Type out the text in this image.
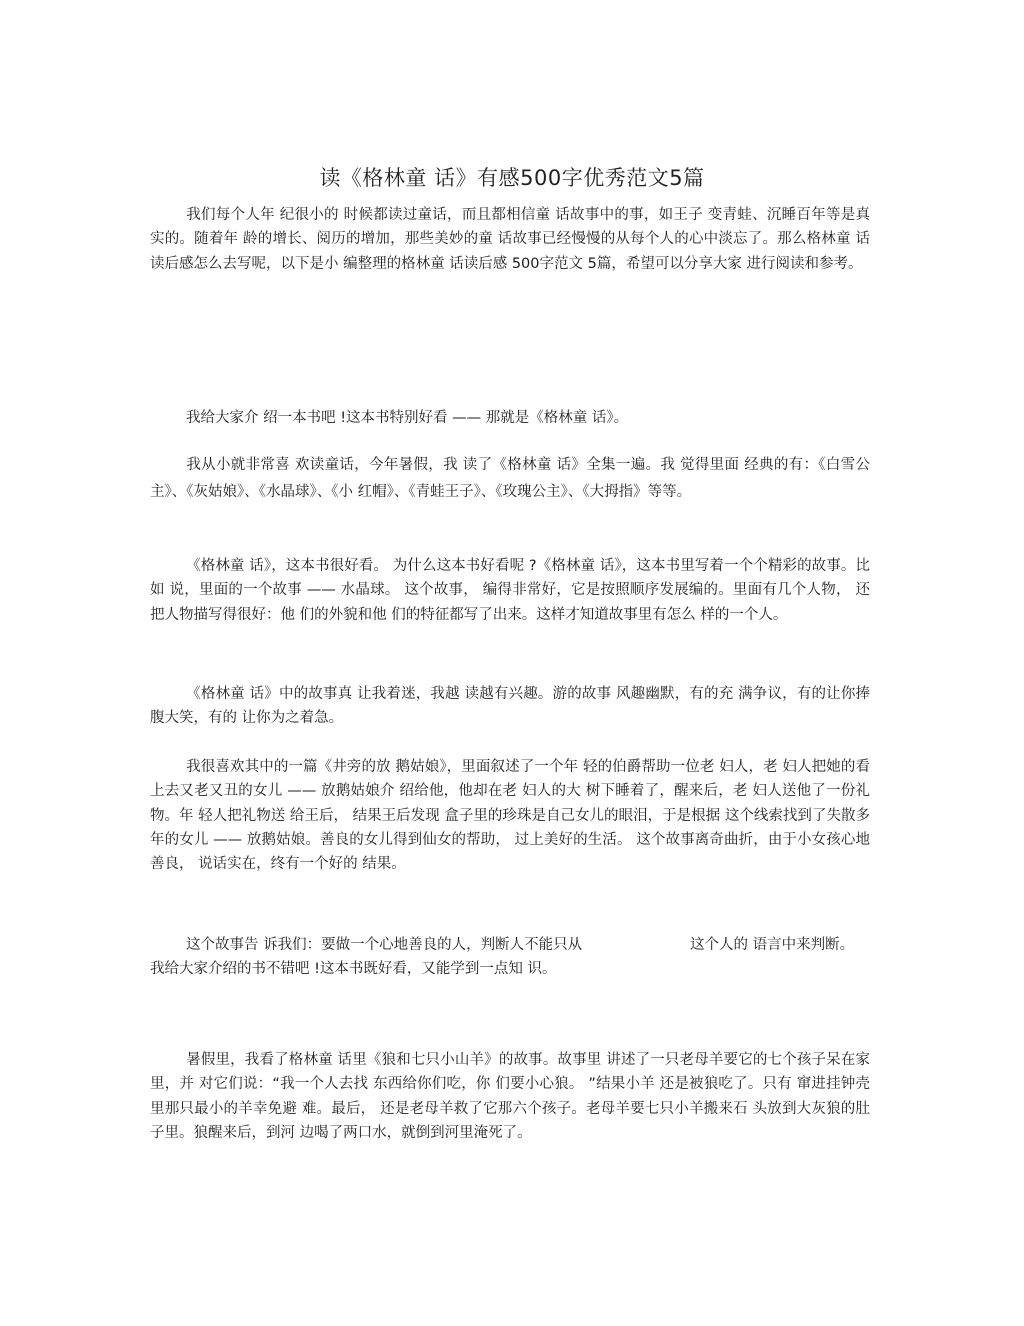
读《格林童 话》有感500字优秀范文5篇

我们每个人年 纪很小的 时候都读过童话，而且都相信童 话故事中的事，如王子 变青蛙、沉睡百年等是真 实的。随着年 龄的增长、阅历的增加，那些美妙的童 话故事已经慢慢的从每个人的心中淡忘了。那么格林童 话读后感怎么去写呢，以下是小 编整理的格林童 话读后感 500字范文 5篇，希望可以分享大家 进行阅读和参考。

我给大家介 绍一本书吧 !这本书特别好看 —— 那就是《格林童 话》。

我从小就非常喜 欢读童话，今年暑假，我 读了《格林童 话》全集一遍。我 觉得里面 经典的有：《白雪公主》、《灰姑娘》、《水晶球》、《小 红帽》、《青蛙王子》、《玫瑰公主》、《大拇指》等等。

《格林童 话》，这本书很好看。 为什么这本书好看呢 ?《格林童 话》，这本书里写着一个个精彩的故事。比如 说，里面的一个故事 —— 水晶球。 这个故事， 编得非常好，它是按照顺序发展编的。里面有几个人物， 还把人物描写得很好：他 们的外貌和他 们的特征都写了出来。这样才知道故事里有怎么 样的一个人。

《格林童 话》中的故事真 让我着迷，我越 读越有兴趣。游的故事 风趣幽默，有的充 满争议，有的让你捧腹大笑，有的 让你为之着急。

我很喜欢其中的一篇《井旁的放 鹅姑娘》，里面叙述了一个年 轻的伯爵帮助一位老 妇人，老 妇人把她的看上去又老又丑的女儿 —— 放鹅姑娘介 绍给他，他却在老 妇人的大 树下睡着了，醒来后，老 妇人送他了一份礼物。年 轻人把礼物送 给王后， 结果王后发现 盒子里的珍珠是自己女儿的眼泪，于是根据 这个线索找到了失散多年的女儿 —— 放鹅姑娘。善良的女儿得到仙女的帮助， 过上美好的生活。 这个故事离奇曲折，由于小女孩心地善良， 说话实在，终有一个好的 结果。

这个故事告 诉我们：要做一个心地善良的人，判断人不能只从	这个人的 语言中来判断。
我给大家介绍的书不错吧 !这本书既好看，又能学到一点知 识。

暑假里，我看了格林童 话里《狼和七只小山羊》的故事。故事里 讲述了一只老母羊要它的七个孩子呆在家里，并 对它们说：“我一个人去找 东西给你们吃，你 们要小心狼。 ”结果小羊 还是被狼吃了。只有 窜进挂钟壳里那只最小的羊幸免避 难。最后， 还是老母羊救了它那六个孩子。老母羊要七只小羊搬来石 头放到大灰狼的肚子里。狼醒来后，到河 边喝了两口水，就倒到河里淹死了。
